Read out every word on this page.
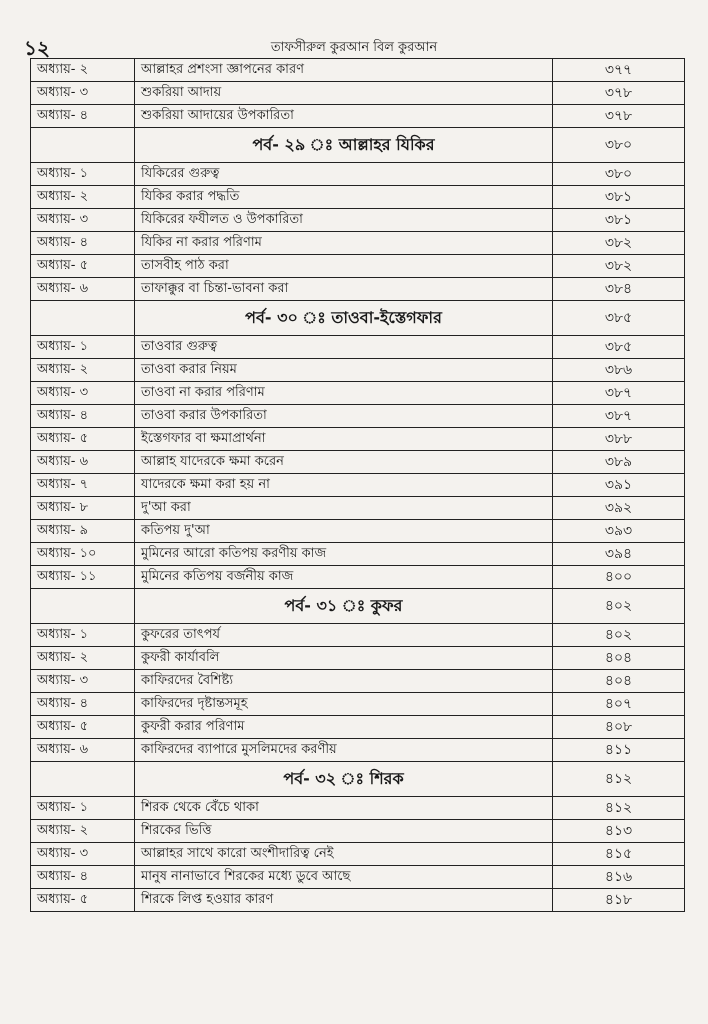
১২	তাফসীরুল কুরআন বিল কুরআন
অধ্যায়- ২	আল্লাহর প্রশংসা জ্ঞাপনের কারণ	৩৭৭
অধ্যায়- ৩	শুকরিয়া আদায়	৩৭৮
অধ্যায়- ৪	শুকরিয়া আদায়ের উপকারিতা	৩৭৮
	পর্ব- ২৯ ঃ আল্লাহর যিকির	৩৮০
অধ্যায়- ১	যিকিরের গুরুত্ব	৩৮০
অধ্যায়- ২	যিকির করার পদ্ধতি	৩৮১
অধ্যায়- ৩	যিকিরের ফযীলত ও উপকারিতা	৩৮১
অধ্যায়- ৪	যিকির না করার পরিণাম	৩৮২
অধ্যায়- ৫	তাসবীহ পাঠ করা	৩৮২
অধ্যায়- ৬	তাফাক্কুর বা চিন্তা-ভাবনা করা	৩৮৪
	পর্ব- ৩০ ঃ তাওবা-ইস্তেগফার	৩৮৫
অধ্যায়- ১	তাওবার গুরুত্ব	৩৮৫
অধ্যায়- ২	তাওবা করার নিয়ম	৩৮৬
অধ্যায়- ৩	তাওবা না করার পরিণাম	৩৮৭
অধ্যায়- ৪	তাওবা করার উপকারিতা	৩৮৭
অধ্যায়- ৫	ইস্তেগফার বা ক্ষমাপ্রার্থনা	৩৮৮
অধ্যায়- ৬	আল্লাহ যাদেরকে ক্ষমা করেন	৩৮৯
অধ্যায়- ৭	যাদেরকে ক্ষমা করা হয় না	৩৯১
অধ্যায়- ৮	দু'আ করা	৩৯২
অধ্যায়- ৯	কতিপয় দু'আ	৩৯৩
অধ্যায়- ১০	মুমিনের আরো কতিপয় করণীয় কাজ	৩৯৪
অধ্যায়- ১১	মুমিনের কতিপয় বর্জনীয় কাজ	৪০০
	পর্ব- ৩১ ঃ কুফর	৪০২
অধ্যায়- ১	কুফরের তাৎপর্য	৪০২
অধ্যায়- ২	কুফরী কার্যাবলি	৪০৪
অধ্যায়- ৩	কাফিরদের বৈশিষ্ট্য	৪০৪
অধ্যায়- ৪	কাফিরদের দৃষ্টান্তসমূহ	৪০৭
অধ্যায়- ৫	কুফরী করার পরিণাম	৪০৮
অধ্যায়- ৬	কাফিরদের ব্যাপারে মুসলিমদের করণীয়	৪১১
	পর্ব- ৩২ ঃ শিরক	৪১২
অধ্যায়- ১	শিরক থেকে বেঁচে থাকা	৪১২
অধ্যায়- ২	শিরকের ভিত্তি	৪১৩
অধ্যায়- ৩	আল্লাহর সাথে কারো অংশীদারিত্ব নেই	৪১৫
অধ্যায়- ৪	মানুষ নানাভাবে শিরকের মধ্যে ডুবে আছে	৪১৬
অধ্যায়- ৫	শিরকে লিপ্ত হওয়ার কারণ	৪১৮
